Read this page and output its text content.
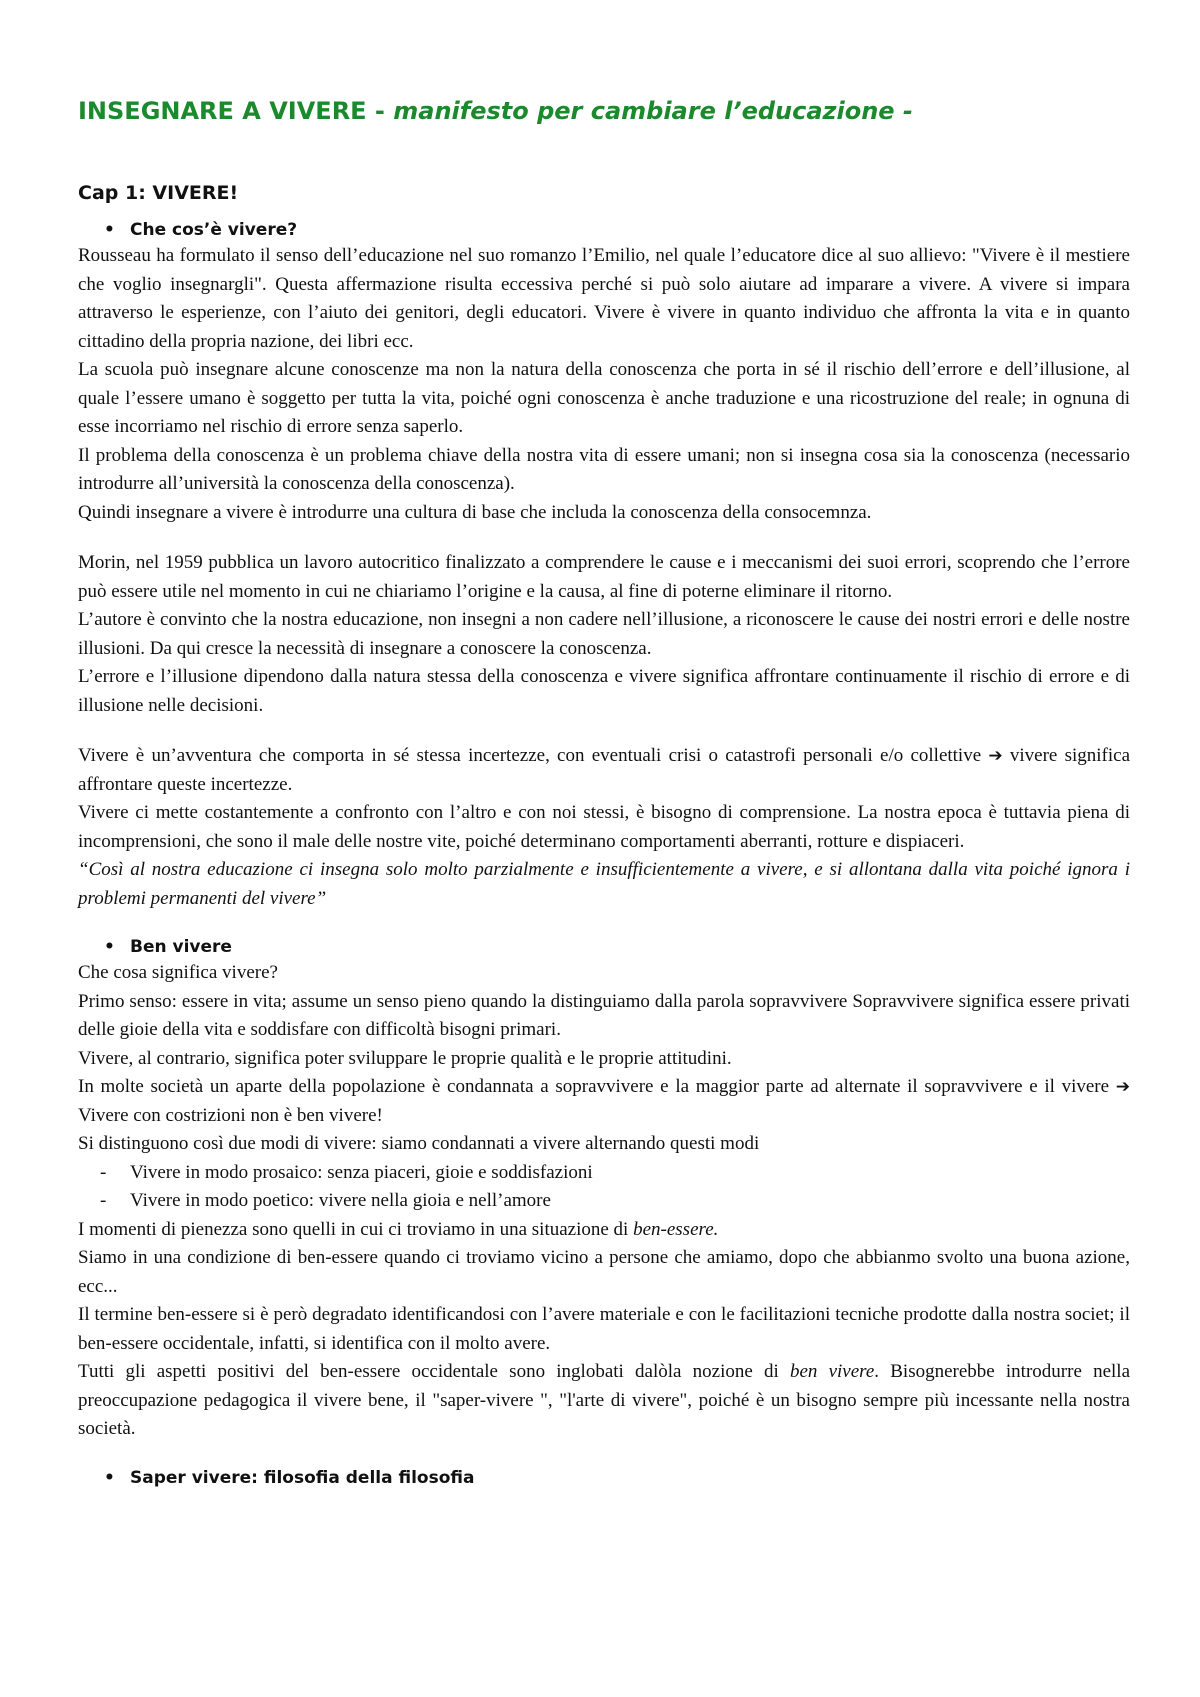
INSEGNARE A VIVERE - manifesto per cambiare l’educazione -
Cap 1: VIVERE!
• Che cos’è vivere?

Rousseau ha formulato il senso dell’educazione nel suo romanzo l’Emilio, nel quale l’educatore dice al suo allievo: "Vivere è il mestiere che voglio insegnargli". Questa affermazione risulta eccessiva perché si può solo aiutare ad imparare a vivere. A vivere si impara attraverso le esperienze, con l’aiuto dei genitori, degli educatori. Vivere è vivere in quanto individuo che affronta la vita e in quanto cittadino della propria nazione, dei libri ecc.

La scuola può insegnare alcune conoscenze ma non la natura della conoscenza che porta in sé il rischio dell’errore e dell’illusione, al quale l’essere umano è soggetto per tutta la vita, poiché ogni conoscenza è anche traduzione e una ricostruzione del reale; in ognuna di esse incorriamo nel rischio di errore senza saperlo.

Il problema della conoscenza è un problema chiave della nostra vita di essere umani; non si insegna cosa sia la conoscenza (necessario introdurre all’università la conoscenza della conoscenza).

Quindi insegnare a vivere è introdurre una cultura di base che includa la conoscenza della consocemnza.

Morin, nel 1959 pubblica un lavoro autocritico finalizzato a comprendere le cause e i meccanismi dei suoi errori, scoprendo che l’errore può essere utile nel momento in cui ne chiariamo l’origine e la causa, al fine di poterne eliminare il ritorno.

L’autore è convinto che la nostra educazione, non insegni a non cadere nell’illusione, a riconoscere le cause dei nostri errori e delle nostre illusioni. Da qui cresce la necessità di insegnare a conoscere la conoscenza.

L’errore e l’illusione dipendono dalla natura stessa della conoscenza e vivere significa affrontare continuamente il rischio di errore e di illusione nelle decisioni.

Vivere è un’avventura che comporta in sé stessa incertezze, con eventuali crisi o catastrofi personali e/o collettive ➔ vivere significa affrontare queste incertezze.

Vivere ci mette costantemente a confronto con l’altro e con noi stessi, è bisogno di comprensione. La nostra epoca è tuttavia piena di incomprensioni, che sono il male delle nostre vite, poiché determinano comportamenti aberranti, rotture e dispiaceri.

“Così al nostra educazione ci insegna solo molto parzialmente e insufficientemente a vivere, e si allontana dalla vita poiché ignora i problemi permanenti del vivere”

• Ben vivere

Che cosa significa vivere?

Primo senso: essere in vita; assume un senso pieno quando la distinguiamo dalla parola sopravvivere Sopravvivere significa essere privati delle gioie della vita e soddisfare con difficoltà bisogni primari.

Vivere, al contrario, significa poter sviluppare le proprie qualità e le proprie attitudini.

In molte società un aparte della popolazione è condannata a sopravvivere e la maggior parte ad alternate il sopravvivere e il vivere ➔ Vivere con costrizioni non è ben vivere!

Si distinguono così due modi di vivere: siamo condannati a vivere alternando questi modi

- Vivere in modo prosaico: senza piaceri, gioie e soddisfazioni

- Vivere in modo poetico: vivere nella gioia e nell’amore

I momenti di pienezza sono quelli in cui ci troviamo in una situazione di ben-essere.

Siamo in una condizione di ben-essere quando ci troviamo vicino a persone che amiamo, dopo che abbianmo svolto una buona azione, ecc...

Il termine ben-essere si è però degradato identificandosi con l’avere materiale e con le facilitazioni tecniche prodotte dalla nostra societ; il ben-essere occidentale, infatti, si identifica con il molto avere.

Tutti gli aspetti positivi del ben-essere occidentale sono inglobati dalòla nozione di ben vivere. Bisognerebbe introdurre nella preoccupazione pedagogica il vivere bene, il "saper-vivere ", "l'arte di vivere", poiché è un bisogno sempre più incessante nella nostra società.

• Saper vivere: filosofia della filosofia
